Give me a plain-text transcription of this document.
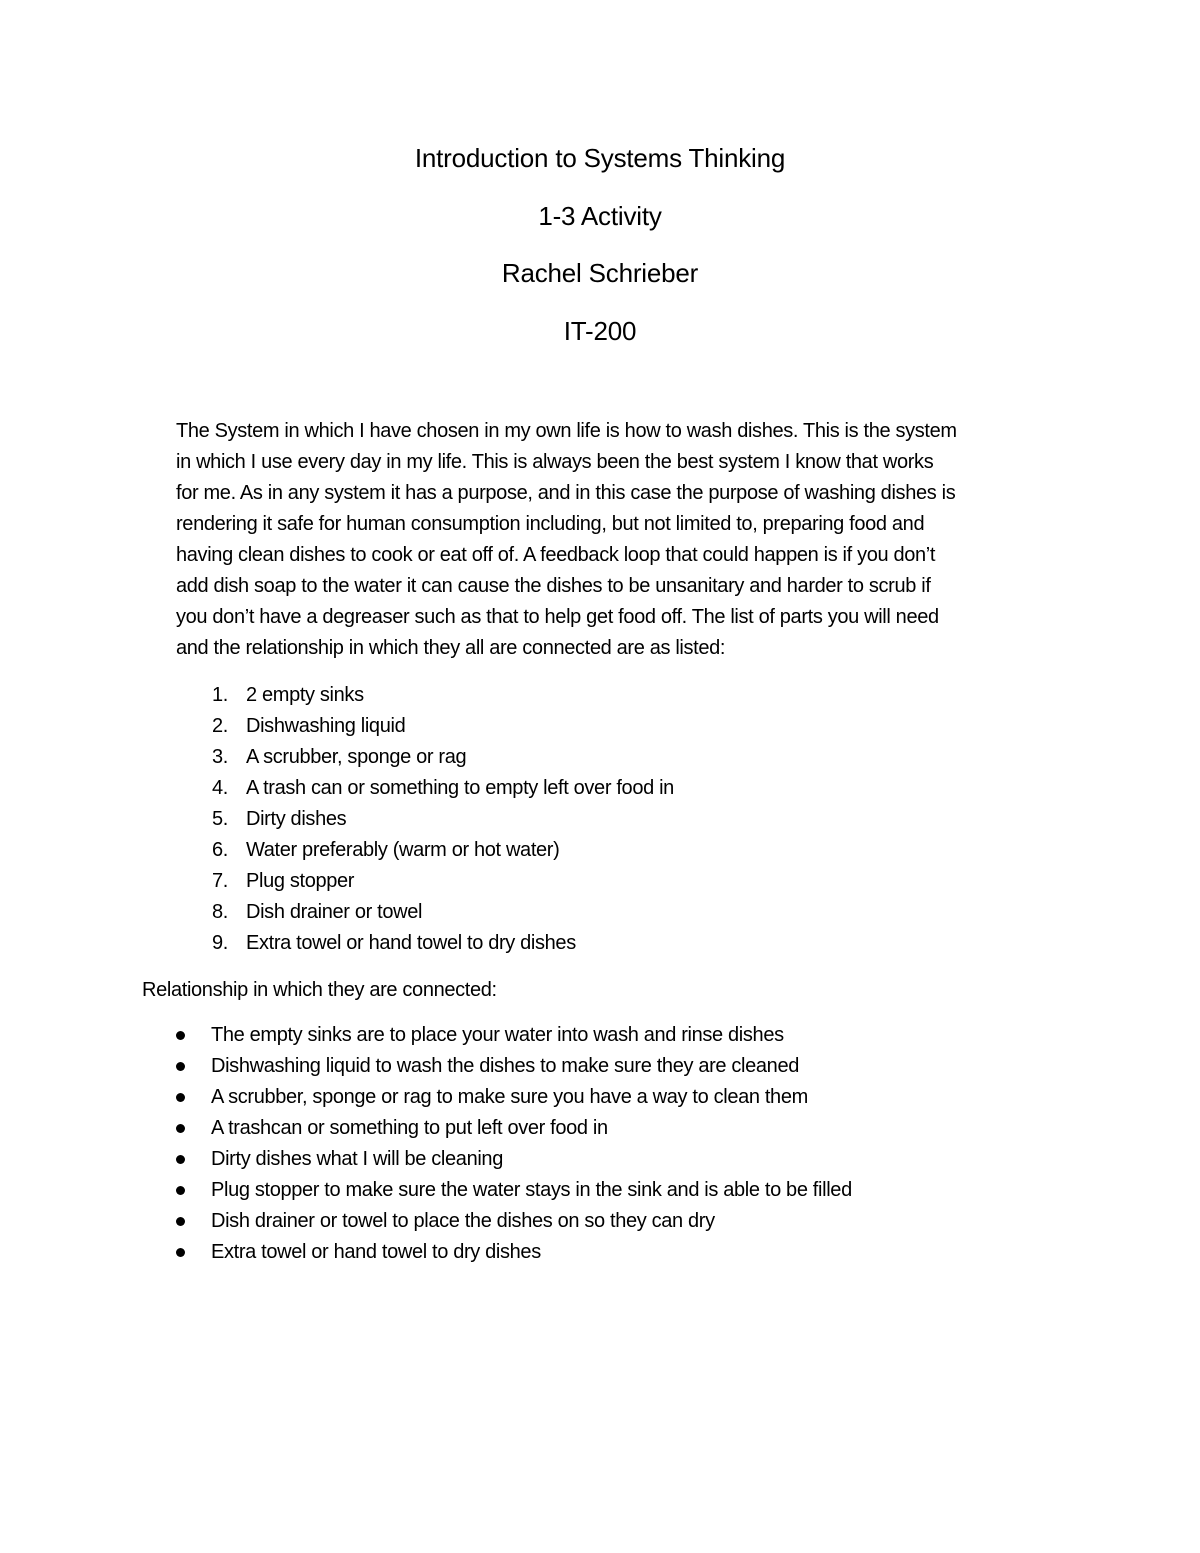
Introduction to Systems Thinking
1-3 Activity
Rachel Schrieber
IT-200
The System in which I have chosen in my own life is how to wash dishes. This is the system
in which I use every day in my life. This is always been the best system I know that works
for me. As in any system it has a purpose, and in this case the purpose of washing dishes is
rendering it safe for human consumption including, but not limited to, preparing food and
having clean dishes to cook or eat off of. A feedback loop that could happen is if you don’t
add dish soap to the water it can cause the dishes to be unsanitary and harder to scrub if
you don’t have a degreaser such as that to help get food off. The list of parts you will need
and the relationship in which they all are connected are as listed:
1. 2 empty sinks
2. Dishwashing liquid
3. A scrubber, sponge or rag
4. A trash can or something to empty left over food in
5. Dirty dishes
6. Water preferably (warm or hot water)
7. Plug stopper
8. Dish drainer or towel
9. Extra towel or hand towel to dry dishes

Relationship in which they are connected:

The empty sinks are to place your water into wash and rinse dishes
Dishwashing liquid to wash the dishes to make sure they are cleaned
A scrubber, sponge or rag to make sure you have a way to clean them
A trashcan or something to put left over food in
Dirty dishes what I will be cleaning
Plug stopper to make sure the water stays in the sink and is able to be filled
Dish drainer or towel to place the dishes on so they can dry
Extra towel or hand towel to dry dishes
